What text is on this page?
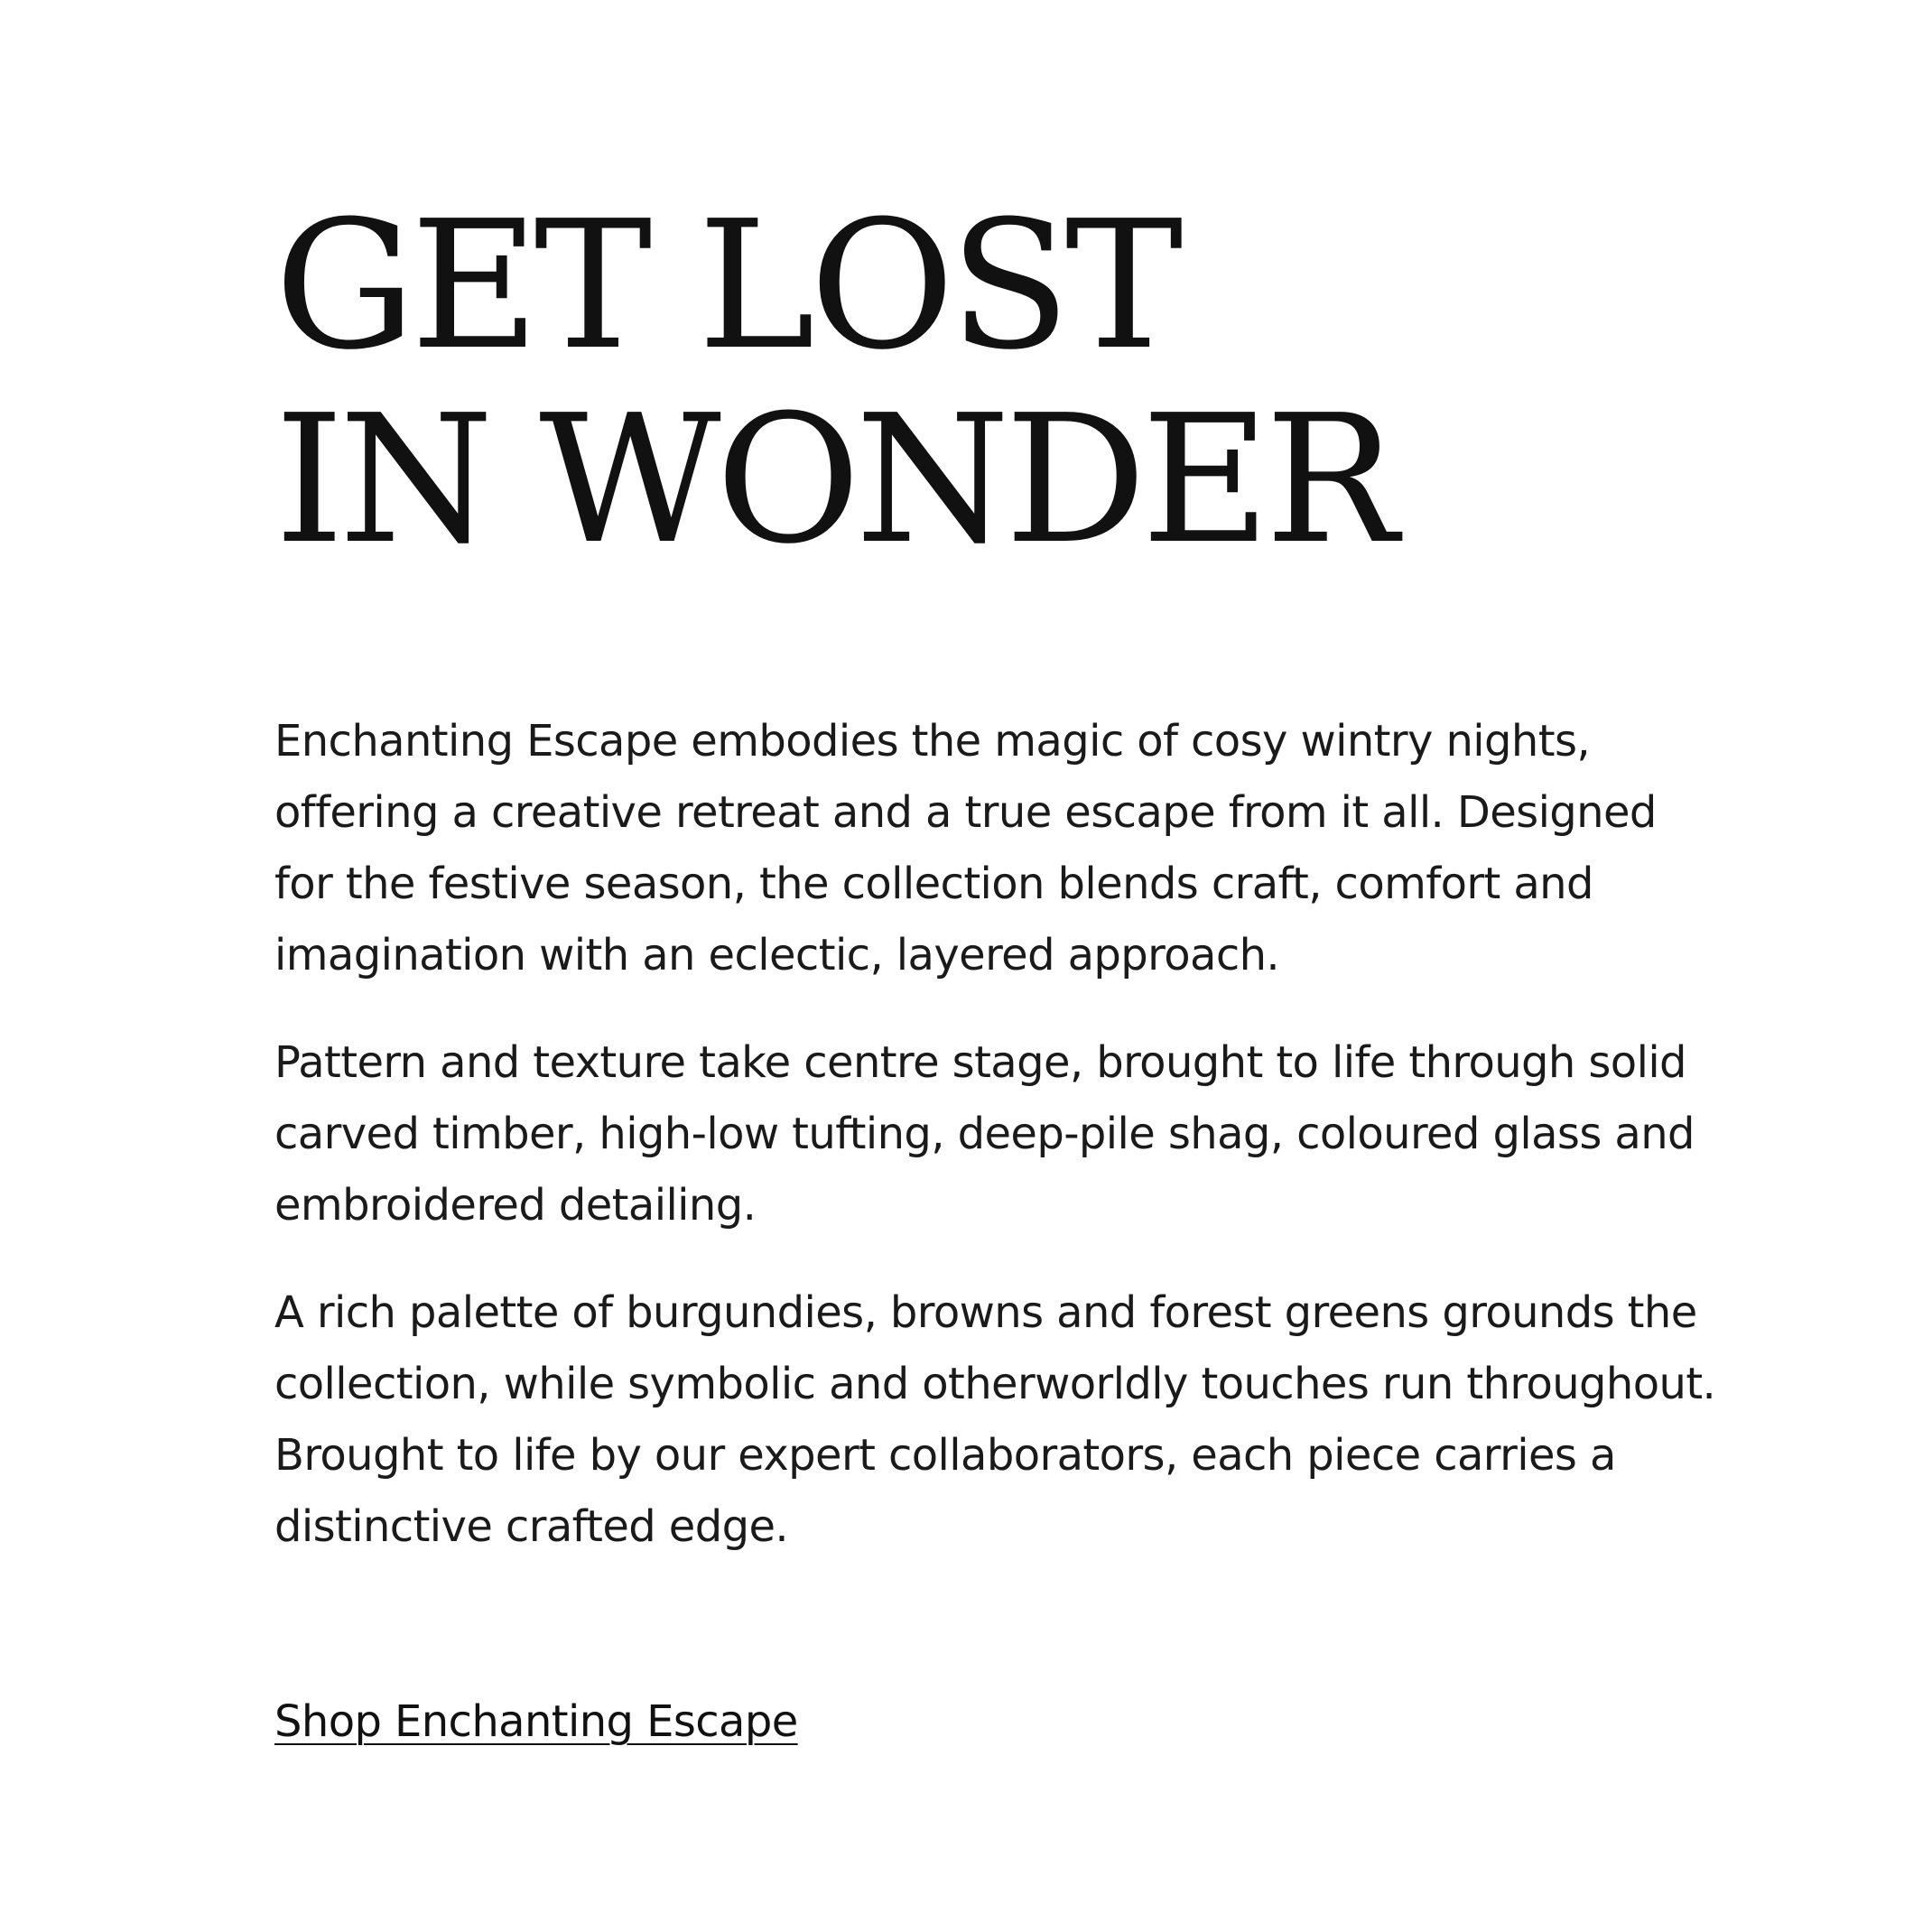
GET LOST
IN WONDER

Enchanting Escape embodies the magic of cosy wintry nights, offering a creative retreat and a true escape from it all. Designed for the festive season, the collection blends craft, comfort and imagination with an eclectic, layered approach.

Pattern and texture take centre stage, brought to life through solid carved timber, high-low tufting, deep-pile shag, coloured glass and embroidered detailing.

A rich palette of burgundies, browns and forest greens grounds the collection, while symbolic and otherworldly touches run throughout. Brought to life by our expert collaborators, each piece carries a distinctive crafted edge.

Shop Enchanting Escape
